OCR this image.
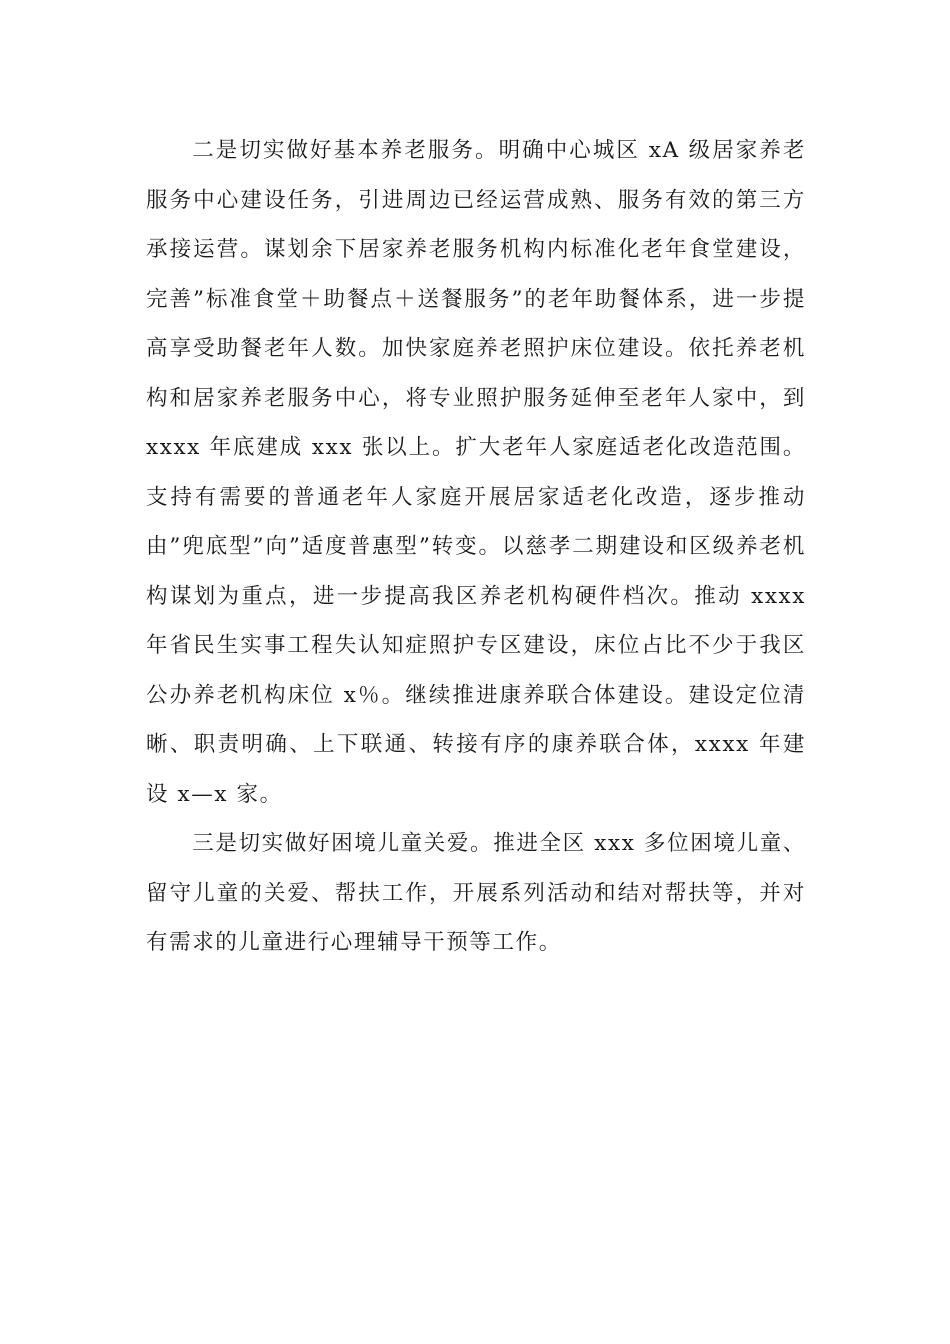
二是切实做好基本养老服务。明确中心城区 xA 级居家养老服务中心建设任务，引进周边已经运营成熟、服务有效的第三方承接运营。谋划余下居家养老服务机构内标准化老年食堂建设，完善”标准食堂＋助餐点＋送餐服务”的老年助餐体系，进一步提高享受助餐老年人数。加快家庭养老照护床位建设。依托养老机构和居家养老服务中心，将专业照护服务延伸至老年人家中，到 xxxx 年底建成 xxx 张以上。扩大老年人家庭适老化改造范围。支持有需要的普通老年人家庭开展居家适老化改造，逐步推动由”兜底型”向”适度普惠型”转变。以慈孝二期建设和区级养老机构谋划为重点，进一步提高我区养老机构硬件档次。推动 xxxx 年省民生实事工程失认知症照护专区建设，床位占比不少于我区公办养老机构床位 x％。继续推进康养联合体建设。建设定位清晰、职责明确、上下联通、转接有序的康养联合体，xxxx 年建设 x—x 家。

三是切实做好困境儿童关爱。推进全区 xxx 多位困境儿童、留守儿童的关爱、帮扶工作，开展系列活动和结对帮扶等，并对有需求的儿童进行心理辅导干预等工作。
